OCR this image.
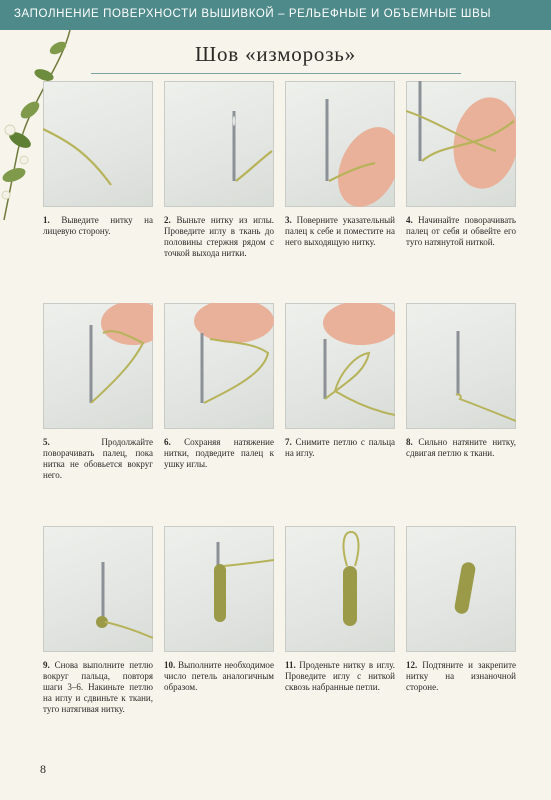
ЗАПОЛНЕНИЕ ПОВЕРХНОСТИ ВЫШИВКОЙ – РЕЛЬЕФНЫЕ И ОБЪЕМНЫЕ ШВЫ
Шов «изморозь»
1. Выведите нитку на лицевую сторону.
2. Выньте нитку из иглы. Проведите иглу в ткань до половины стержня рядом с точкой выхода нитки.
3. Поверните указательный палец к себе и поместите на него выходящую нитку.
4. Начинайте поворачивать палец от себя и обвейте его туго натянутой ниткой.
5.	Продолжайте поворачивать палец, пока нитка не обовьется вокруг него.
6. Сохраняя натяжение нитки, подведите палец к ушку иглы.
7. Снимите петлю с пальца на иглу.
8. Сильно натяните нитку, сдвигая петлю к ткани.
9. Снова выполните петлю вокруг пальца, повторя шаги 3–6. Накиньте петлю на иглу и сдвиньте к ткани, туго натягивая нитку.
10. Выполните необходимое число петель аналогичным образом.
11. Проденьте нитку в иглу. Проведите иглу с ниткой сквозь набранные петли.
12. Подтяните и закрепите нитку на изнаночной стороне.
8
